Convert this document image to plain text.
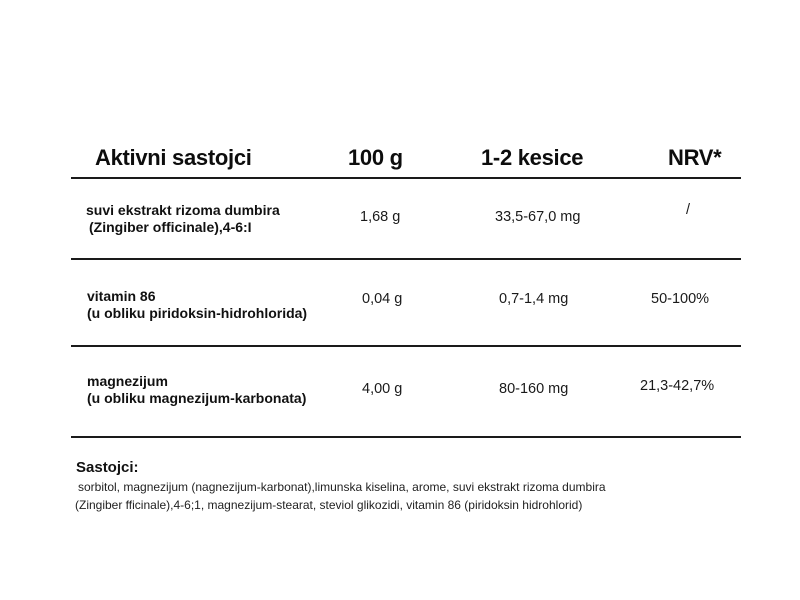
Aktivni sastojci	100 g	1-2 kesice	NRV*
suvi ekstrakt rizoma dumbira
(Zingiber officinale),4-6:I
1,68 g	33,5-67,0 mg	/
vitamin 86
(u obliku piridoksin-hidrohlorida)
0,04 g	0,7-1,4 mg	50-100%
magnezijum
(u obliku magnezijum-karbonata)
4,00 g	80-160 mg	21,3-42,7%
Sastojci:
sorbitol, magnezijum (nagnezijum-karbonat),limunska kiselina, arome, suvi ekstrakt rizoma dumbira
(Zingiber fficinale),4-6;1, magnezijum-stearat, steviol glikozidi, vitamin 86 (piridoksin hidrohlorid)
